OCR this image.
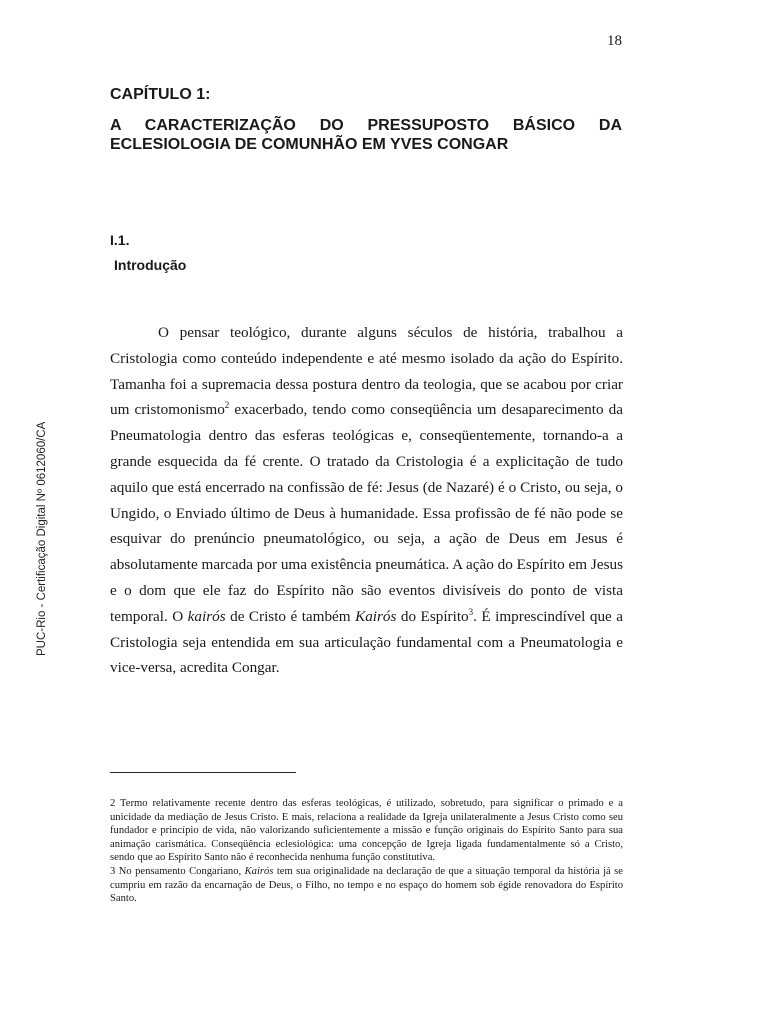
18
PUC-Rio - Certificação Digital Nº 0612060/CA
CAPÍTULO 1:
A CARACTERIZAÇÃO DO PRESSUPOSTO BÁSICO DA ECLESIOLOGIA DE COMUNHÃO EM YVES CONGAR
I.1.
Introdução

O pensar teológico, durante alguns séculos de história, trabalhou a Cristologia como conteúdo independente e até mesmo isolado da ação do Espírito. Tamanha foi a supremacia dessa postura dentro da teologia, que se acabou por criar um cristomonismo$^2$ exacerbado, tendo como conseqüência um desaparecimento da Pneumatologia dentro das esferas teológicas e, conseqüentemente, tornando-a a grande esquecida da fé crente. O tratado da Cristologia é a explicitação de tudo aquilo que está encerrado na confissão de fé: Jesus (de Nazaré) é o Cristo, ou seja, o Ungido, o Enviado último de Deus à humanidade. Essa profissão de fé não pode se esquivar do prenúncio pneumatológico, ou seja, a ação de Deus em Jesus é absolutamente marcada por uma existência pneumática. A ação do Espírito em Jesus e o dom que ele faz do Espírito não são eventos divisíveis do ponto de vista temporal. O kairós de Cristo é também Kairós do Espírito$^3$. É imprescindível que a Cristologia seja entendida em sua articulação fundamental com a Pneumatologia e vice-versa, acredita Congar.

2 Termo relativamente recente dentro das esferas teológicas, é utilizado, sobretudo, para significar o primado e a unicidade da mediação de Jesus Cristo. E mais, relaciona a realidade da Igreja unilateralmente a Jesus Cristo como seu fundador e princípio de vida, não valorizando suficientemente a missão e função originais do Espírito Santo para sua animação carismática. Conseqüência eclesiológica: uma concepção de Igreja ligada fundamentalmente só a Cristo, sendo que ao Espírito Santo não é reconhecida nenhuma função constitutiva.

3 No pensamento Congariano, Kairós tem sua originalidade na declaração de que a situação temporal da história já se cumpriu em razão da encarnação de Deus, o Filho, no tempo e no espaço do homem sob égide renovadora do Espírito Santo.
